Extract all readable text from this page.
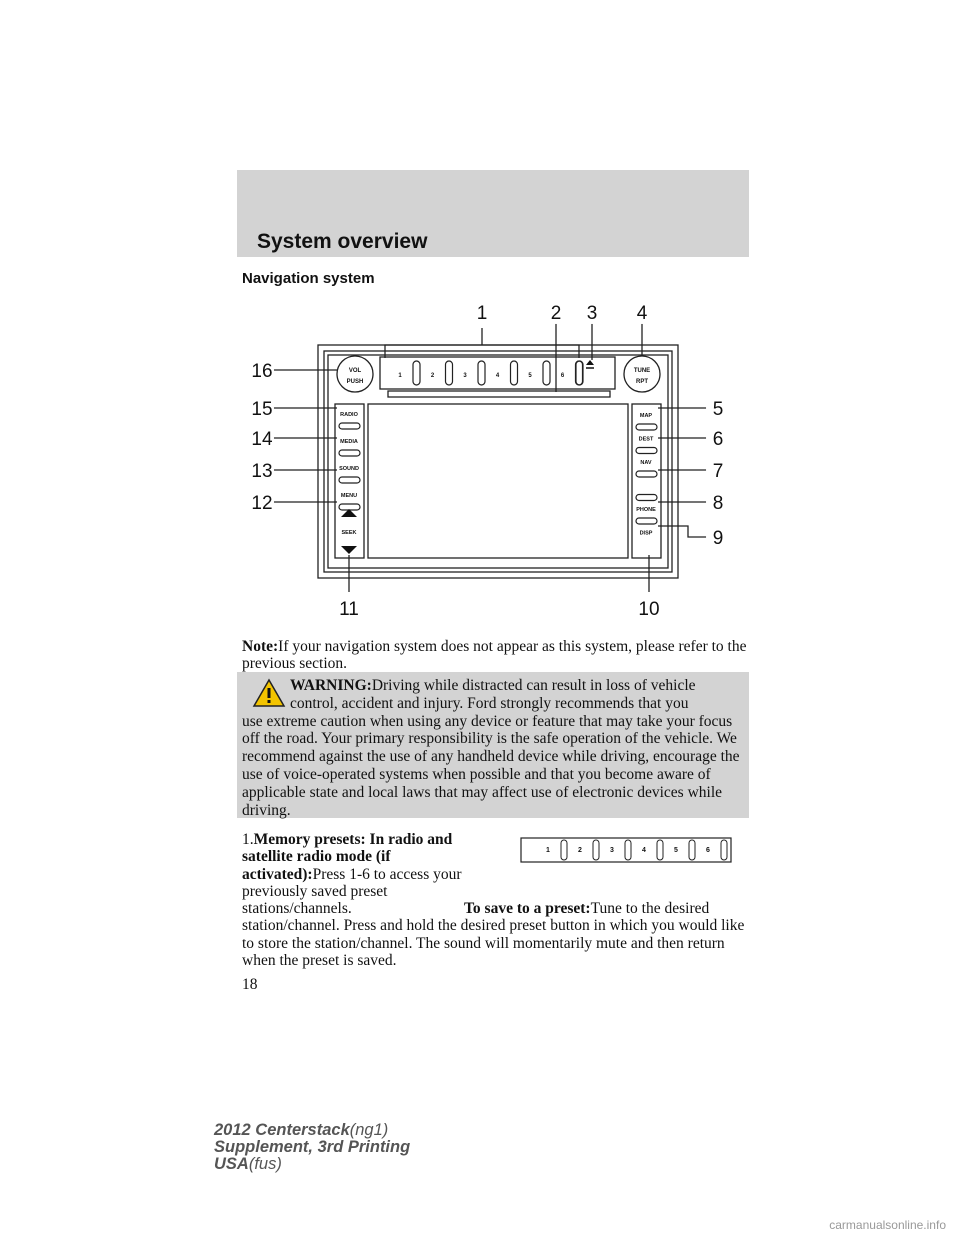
System overview
Navigation system
1	2	3	4	5	6
VOL
PUSH
TUNE
RPT
RADIO
MEDIA
SOUND
MENU
SEEK
MAP
DEST
NAV
PHONE
DISP
1	2 3 4
5
6
7
8
9
10
11
12
13
14
15
16
Note:If your navigation system does not appear as this system, please refer to the previous section.
WARNING:Driving while distracted can result in loss of vehicle
control, accident and injury. Ford strongly recommends that you
use extreme caution when using any device or feature that may take your focus off the road. Your primary responsibility is the safe operation of the vehicle. We recommend against the use of any handheld device while driving, encourage the use of voice-operated systems when possible and that you become aware of applicable state and local laws that may affect use of electronic devices while driving.
1.Memory presets: In radio and satellite radio mode (if activated):Press 1-6 to access your previously saved preset stations/channels.	To save to a preset:Tune to the desired station/channel. Press and hold the desired preset button in which you would like to store the station/channel. The sound will momentarily mute and then return when the preset is saved.
1	2	3	4	5	6
18
2012 Centerstack(ng1)
Supplement, 3rd Printing
USA(fus)
carmanualsonline.info
